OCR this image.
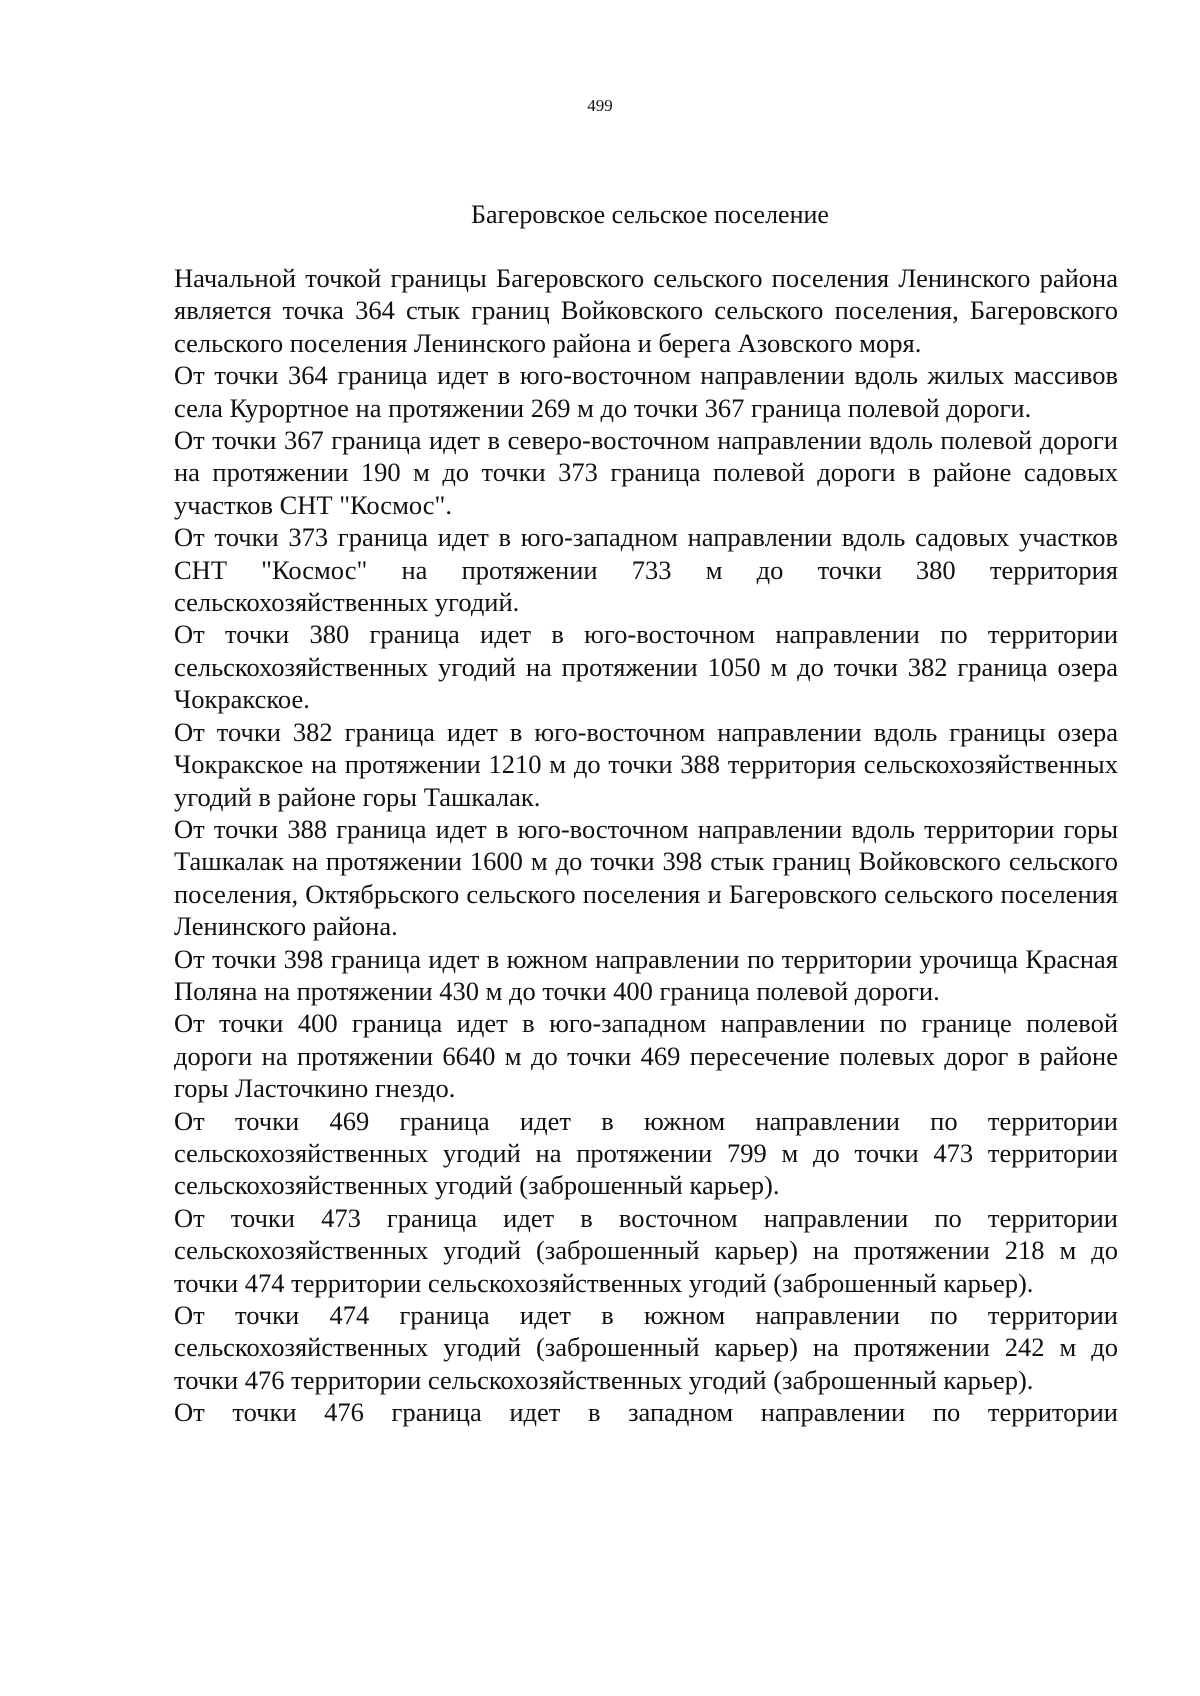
499
Багеровское сельское поселение

Начальной точкой границы Багеровского сельского поселения Ленинского района является точка 364 стык границ Войковского сельского поселения, Багеровского сельского поселения Ленинского района и берега Азовского моря.

От точки 364 граница идет в юго-восточном направлении вдоль жилых массивов села Курортное на протяжении 269 м до точки 367 граница полевой дороги.

От точки 367 граница идет в северо-восточном направлении вдоль полевой дороги на протяжении 190 м до точки 373 граница полевой дороги в районе садовых участков СНТ "Космос".

От точки 373 граница идет в юго-западном направлении вдоль садовых участков СНТ "Космос" на протяжении 733 м до точки 380 территория сельскохозяйственных угодий.

От точки 380 граница идет в юго-восточном направлении по территории сельскохозяйственных угодий на протяжении 1050 м до точки 382 граница озера Чокракское.

От точки 382 граница идет в юго-восточном направлении вдоль границы озера Чокракское на протяжении 1210 м до точки 388 территория сельскохозяйственных угодий в районе горы Ташкалак.

От точки 388 граница идет в юго-восточном направлении вдоль территории горы Ташкалак на протяжении 1600 м до точки 398 стык границ Войковского сельского поселения, Октябрьского сельского поселения и Багеровского сельского поселения Ленинского района.

От точки 398 граница идет в южном направлении по территории урочища Красная Поляна на протяжении 430 м до точки 400 граница полевой дороги.

От точки 400 граница идет в юго-западном направлении по границе полевой дороги на протяжении 6640 м до точки 469 пересечение полевых дорог в районе горы Ласточкино гнездо.

От точки 469 граница идет в южном направлении по территории сельскохозяйственных угодий на протяжении 799 м до точки 473 территории сельскохозяйственных угодий (заброшенный карьер).

От точки 473 граница идет в восточном направлении по территории сельскохозяйственных угодий (заброшенный карьер) на протяжении 218 м до точки 474 территории сельскохозяйственных угодий (заброшенный карьер).

От точки 474 граница идет в южном направлении по территории сельскохозяйственных угодий (заброшенный карьер) на протяжении 242 м до точки 476 территории сельскохозяйственных угодий (заброшенный карьер).

От точки 476 граница идет в западном направлении по территории
